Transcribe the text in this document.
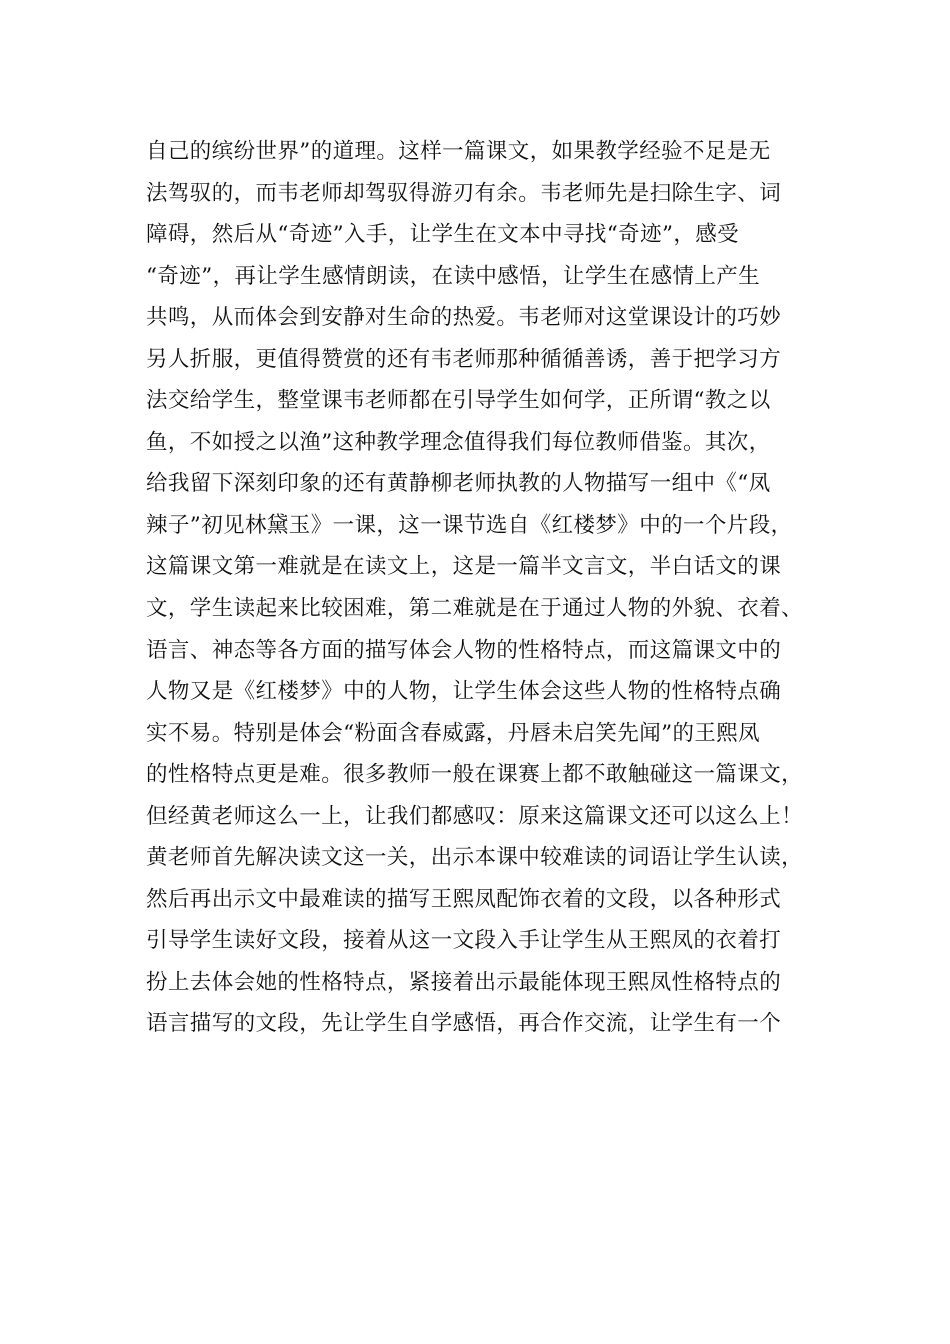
自己的缤纷世界”的道理。这样一篇课文，如果教学经验不足是无
法驾驭的，而韦老师却驾驭得游刃有余。韦老师先是扫除生字、词
障碍，然后从“奇迹”入手，让学生在文本中寻找“奇迹”，感受
“奇迹”，再让学生感情朗读，在读中感悟，让学生在感情上产生
共鸣，从而体会到安静对生命的热爱。韦老师对这堂课设计的巧妙
另人折服，更值得赞赏的还有韦老师那种循循善诱，善于把学习方
法交给学生，整堂课韦老师都在引导学生如何学，正所谓“教之以
鱼，不如授之以渔”这种教学理念值得我们每位教师借鉴。其次，
给我留下深刻印象的还有黄静柳老师执教的人物描写一组中《“凤
辣子”初见林黛玉》一课，这一课节选自《红楼梦》中的一个片段，
这篇课文第一难就是在读文上，这是一篇半文言文，半白话文的课
文，学生读起来比较困难，第二难就是在于通过人物的外貌、衣着、
语言、神态等各方面的描写体会人物的性格特点，而这篇课文中的
人物又是《红楼梦》中的人物，让学生体会这些人物的性格特点确
实不易。特别是体会“粉面含春威露，丹唇未启笑先闻”的王熙凤
的性格特点更是难。很多教师一般在课赛上都不敢触碰这一篇课文，
但经黄老师这么一上，让我们都感叹：原来这篇课文还可以这么上！
黄老师首先解决读文这一关，出示本课中较难读的词语让学生认读，
然后再出示文中最难读的描写王熙凤配饰衣着的文段，以各种形式
引导学生读好文段，接着从这一文段入手让学生从王熙凤的衣着打
扮上去体会她的性格特点，紧接着出示最能体现王熙凤性格特点的
语言描写的文段，先让学生自学感悟，再合作交流，让学生有一个
